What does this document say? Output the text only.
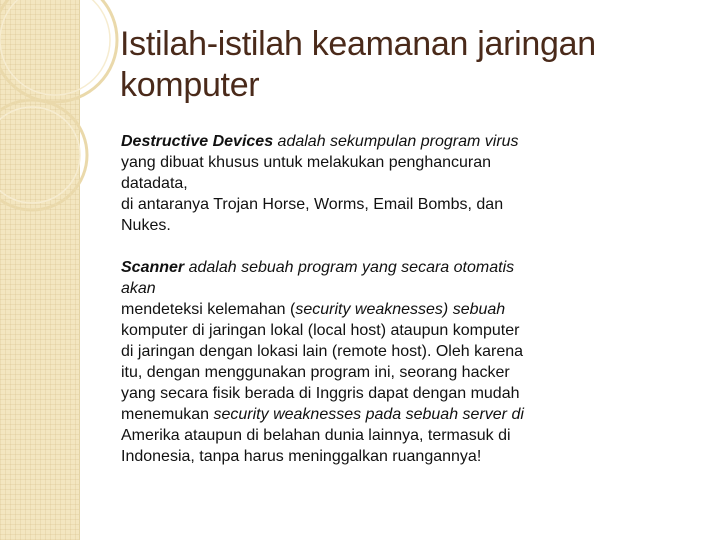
Istilah-istilah keamanan jaringan
komputer

Destructive Devices adalah sekumpulan program virus
yang dibuat khusus untuk melakukan penghancuran
datadata,
di antaranya Trojan Horse, Worms, Email Bombs, dan
Nukes.

Scanner adalah sebuah program yang secara otomatis
akan
mendeteksi kelemahan (security weaknesses) sebuah
komputer di jaringan lokal (local host) ataupun komputer
di jaringan dengan lokasi lain (remote host). Oleh karena
itu, dengan menggunakan program ini, seorang hacker
yang secara fisik berada di Inggris dapat dengan mudah
menemukan security weaknesses pada sebuah server di
Amerika ataupun di belahan dunia lainnya, termasuk di
Indonesia, tanpa harus meninggalkan ruangannya!
